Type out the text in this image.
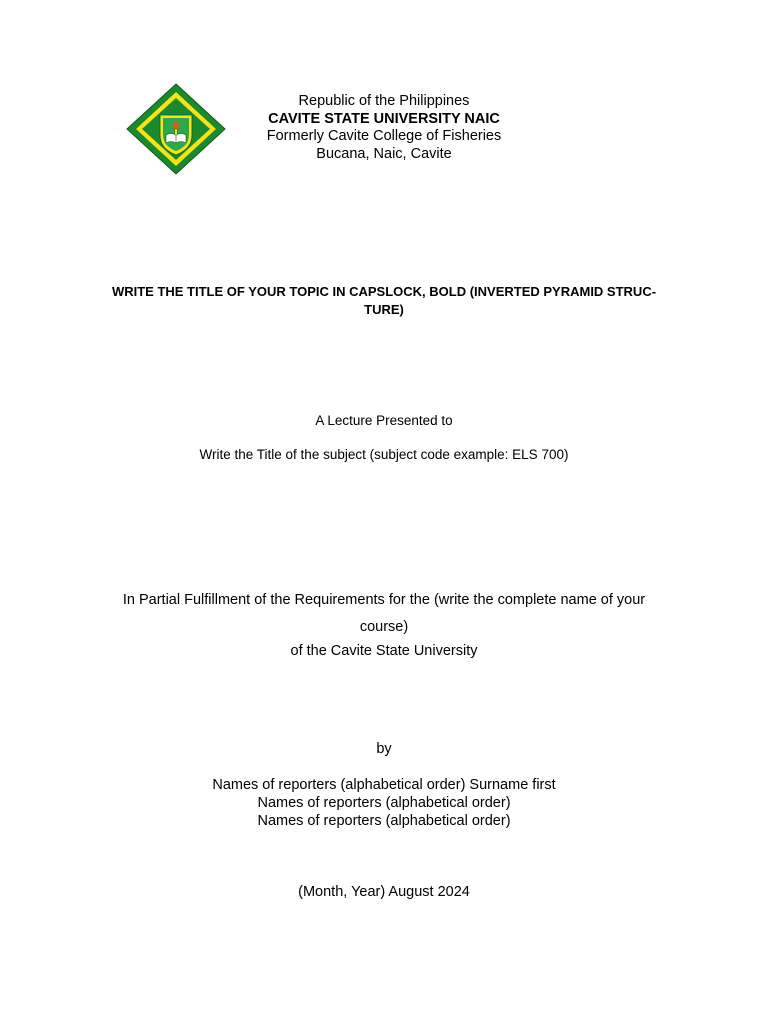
••• •••
••	••
Republic of the Philippines
CAVITE STATE UNIVERSITY NAIC
Formerly Cavite College of Fisheries
Bucana, Naic, Cavite
WRITE THE TITLE OF YOUR TOPIC IN CAPSLOCK, BOLD (INVERTED PYRAMID STRUC-
TURE)
A Lecture Presented to
Write the Title of the subject (subject code example: ELS 700)
In Partial Fulfillment of the Requirements for the (write the complete name of your
course)
of the Cavite State University
by
Names of reporters (alphabetical order) Surname first
Names of reporters (alphabetical order)
Names of reporters (alphabetical order)
(Month, Year) August 2024
